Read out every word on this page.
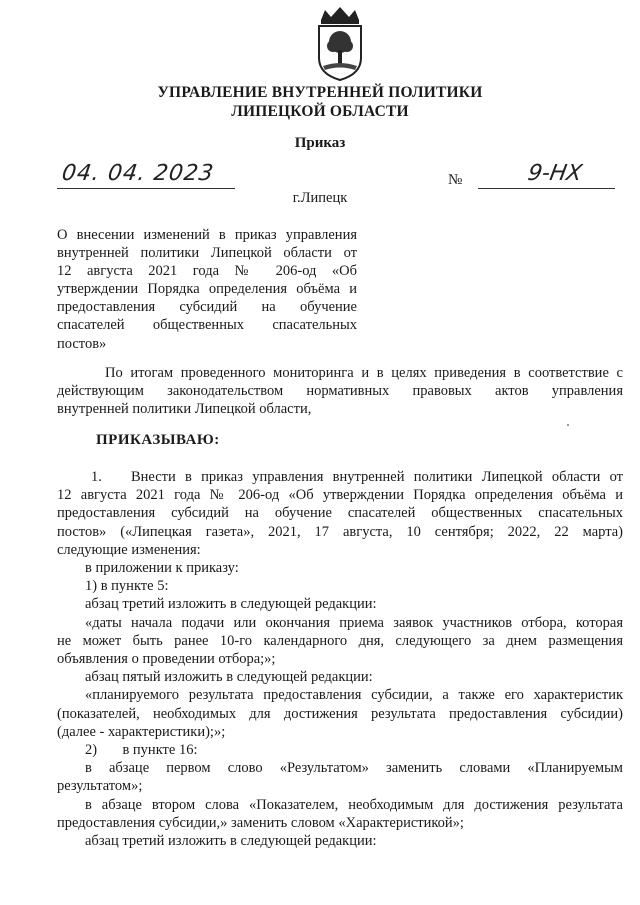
УПРАВЛЕНИЕ ВНУТРЕННЕЙ ПОЛИТИКИ
ЛИПЕЦКОЙ ОБЛАСТИ
Приказ
04. 04. 2023	№	9-HX
г.Липецк
О внесении изменений в приказ управления
внутренней политики Липецкой области от
12 августа 2021 года № 206-од «Об
утверждении Порядка определения объёма и
предоставления субсидий на обучение
спасателей общественных спасательных
постов»
По итогам проведенного мониторинга и в целях приведения в соответствие с
действующим законодательством нормативных правовых актов управления
внутренней политики Липецкой области,
ПРИКАЗЫВАЮ:
1.	Внести в приказ управления внутренней политики Липецкой области от
12 августа 2021 года № 206-од «Об утверждении Порядка определения объёма и
предоставления субсидий на обучение спасателей общественных спасательных
постов» («Липецкая газета», 2021, 17 августа, 10 сентября; 2022, 22 марта)
следующие изменения:
в приложении к приказу:
1) в пункте 5:
абзац третий изложить в следующей редакции:
«даты начала подачи или окончания приема заявок участников отбора, которая
не может быть ранее 10-го календарного дня, следующего за днем размещения
объявления о проведении отбора;»;
абзац пятый изложить в следующей редакции:
«планируемого результата предоставления субсидии, а также его характеристик
(показателей, необходимых для достижения результата предоставления субсидии)
(далее - характеристики);»;
2)       в пункте 16:
в абзаце первом слово «Результатом» заменить словами «Планируемым
результатом»;
в абзаце втором слова «Показателем, необходимым для достижения результата
предоставления субсидии,» заменить словом «Характеристикой»;
абзац третий изложить в следующей редакции:
